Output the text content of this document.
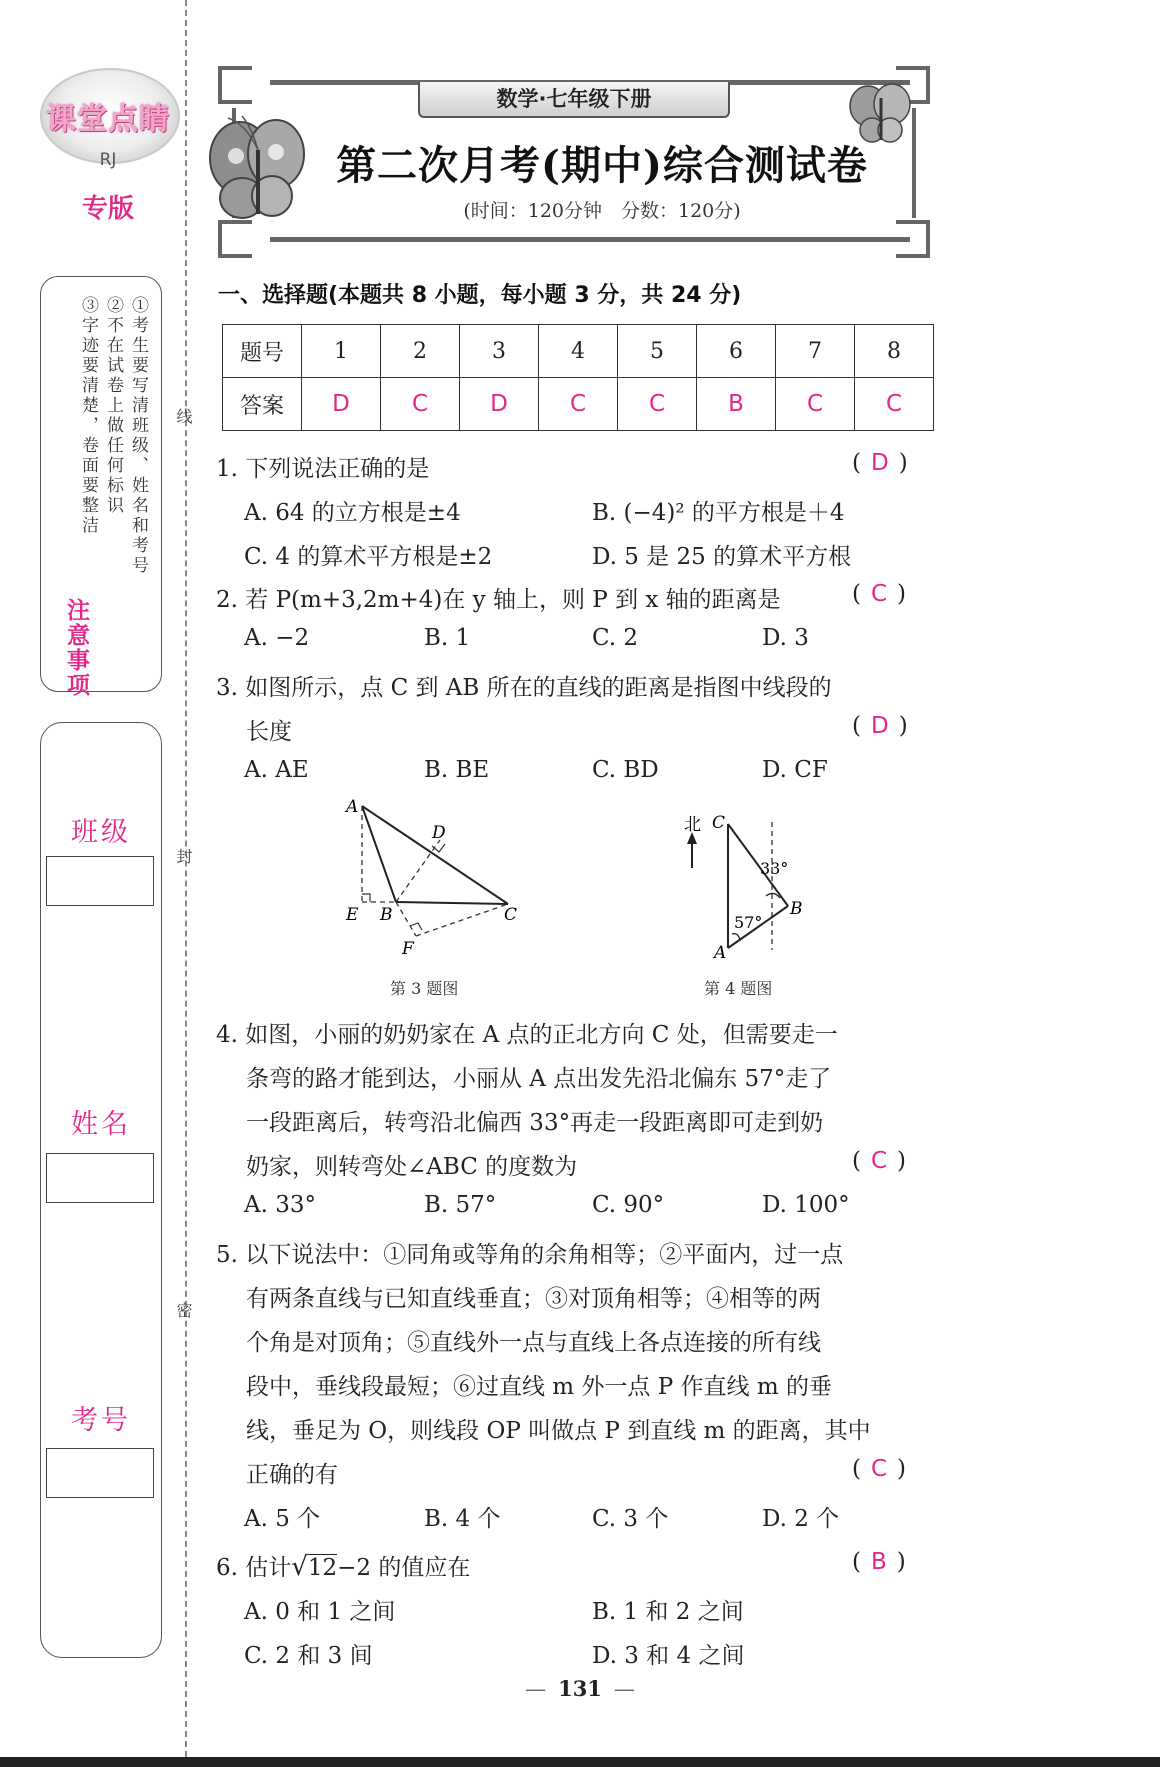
课堂点睛
RJ
专版
①考生要写清班级、姓名和考号
②不在试卷上做任何标识
③字迹要清楚，卷面要整洁
注意事项
班级
姓名
考号
线
封
密
数学·七年级下册
第二次月考(期中)综合测试卷
(时间：120分钟　分数：120分)
一、选择题(本题共 8 小题，每小题 3 分，共 24 分)
题号	1	2	3	4	5	6	7	8
答案	D	C	D	C	C	B	C	C
1. 下列说法正确的是	( D )
A. 64 的立方根是±4	B. (−4)² 的平方根是＋4
C. 4 的算术平方根是±2	D. 5 是 25 的算术平方根
2. 若 P(m+3,2m+4)在 y 轴上，则 P 到 x 轴的距离是	( C )
A. −2	B. 1	C. 2	D. 3
3. 如图所示，点 C 到 AB 所在的直线的距离是指图中线段的
长度	( D )
A. AE	B. BE	C. BD	D. CF
A
D
E B	C
F
第 3 题图
北 C
33°
B
57°
A
第 4 题图
4. 如图，小丽的奶奶家在 A 点的正北方向 C 处，但需要走一
条弯的路才能到达，小丽从 A 点出发先沿北偏东 57°走了
一段距离后，转弯沿北偏西 33°再走一段距离即可走到奶
奶家，则转弯处∠ABC 的度数为	( C )
A. 33°	B. 57°	C. 90°	D. 100°
5. 以下说法中：①同角或等角的余角相等；②平面内，过一点
有两条直线与已知直线垂直；③对顶角相等；④相等的两
个角是对顶角；⑤直线外一点与直线上各点连接的所有线
段中，垂线段最短；⑥过直线 m 外一点 P 作直线 m 的垂
线，垂足为 O，则线段 OP 叫做点 P 到直线 m 的距离，其中
正确的有	( C )
A. 5 个	B. 4 个	C. 3 个	D. 2 个
6. 估计√12−2 的值应在	( B )
A. 0 和 1 之间	B. 1 和 2 之间
C. 2 和 3 间	D. 3 和 4 之间
— 131 —
